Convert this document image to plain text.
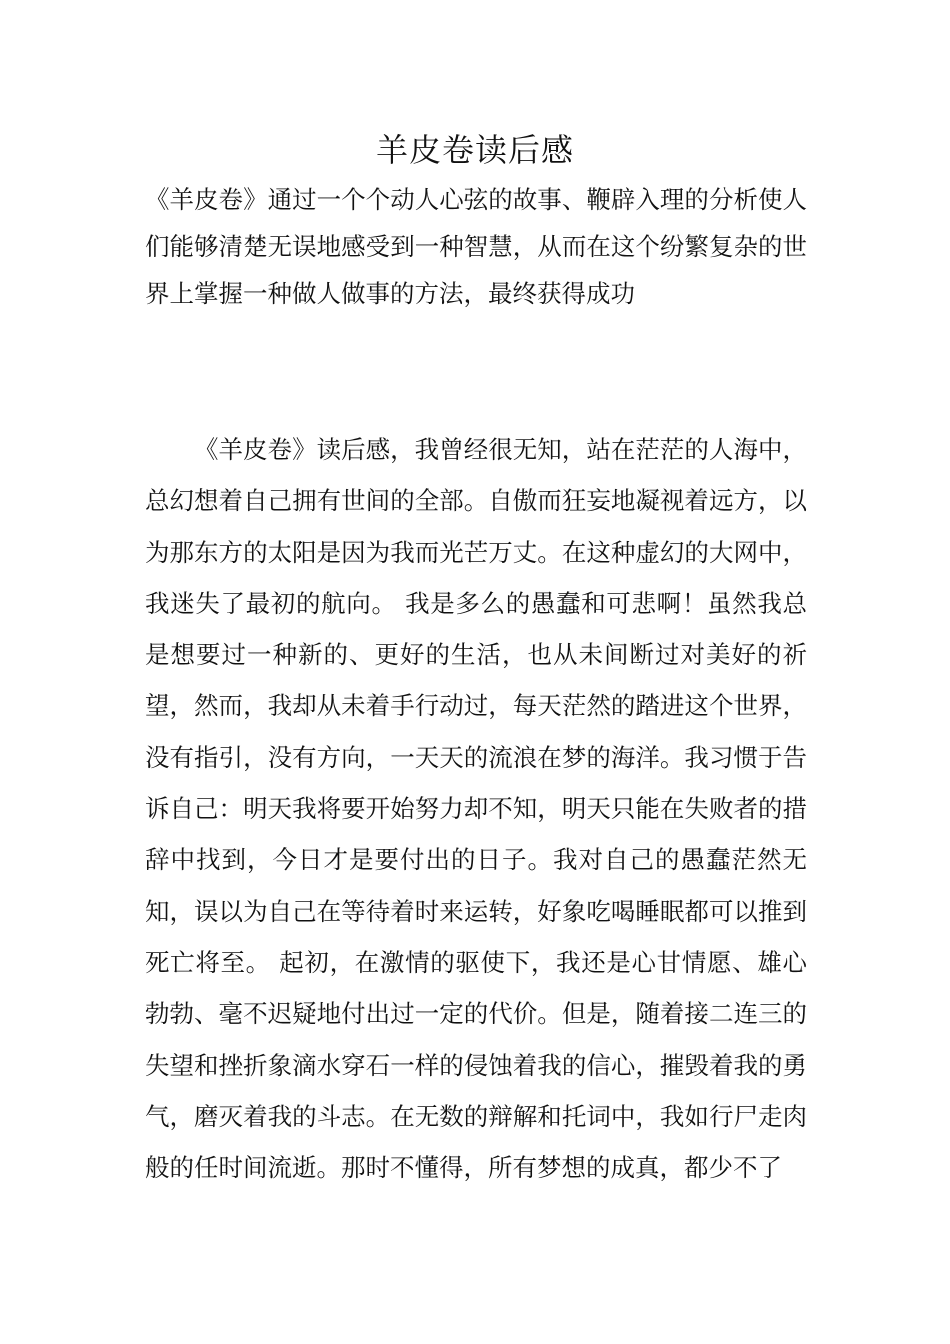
羊皮卷读后感

《羊皮卷》通过一个个动人心弦的故事、鞭辟入理的分析使人们能够清楚无误地感受到一种智慧，从而在这个纷繁复杂的世界上掌握一种做人做事的方法，最终获得成功

《羊皮卷》读后感，我曾经很无知，站在茫茫的人海中，总幻想着自己拥有世间的全部。自傲而狂妄地凝视着远方，以为那东方的太阳是因为我而光芒万丈。在这种虚幻的大网中，我迷失了最初的航向。 我是多么的愚蠢和可悲啊！虽然我总是想要过一种新的、更好的生活，也从未间断过对美好的祈望，然而，我却从未着手行动过，每天茫然的踏进这个世界，没有指引，没有方向，一天天的流浪在梦的海洋。我习惯于告诉自己：明天我将要开始努力却不知，明天只能在失败者的措辞中找到，今日才是要付出的日子。我对自己的愚蠢茫然无知，误以为自己在等待着时来运转，好象吃喝睡眠都可以推到死亡将至。 起初，在激情的驱使下，我还是心甘情愿、雄心勃勃、毫不迟疑地付出过一定的代价。但是，随着接二连三的失望和挫折象滴水穿石一样的侵蚀着我的信心，摧毁着我的勇气，磨灭着我的斗志。在无数的辩解和托词中，我如行尸走肉般的任时间流逝。那时不懂得，所有梦想的成真，都少不了
